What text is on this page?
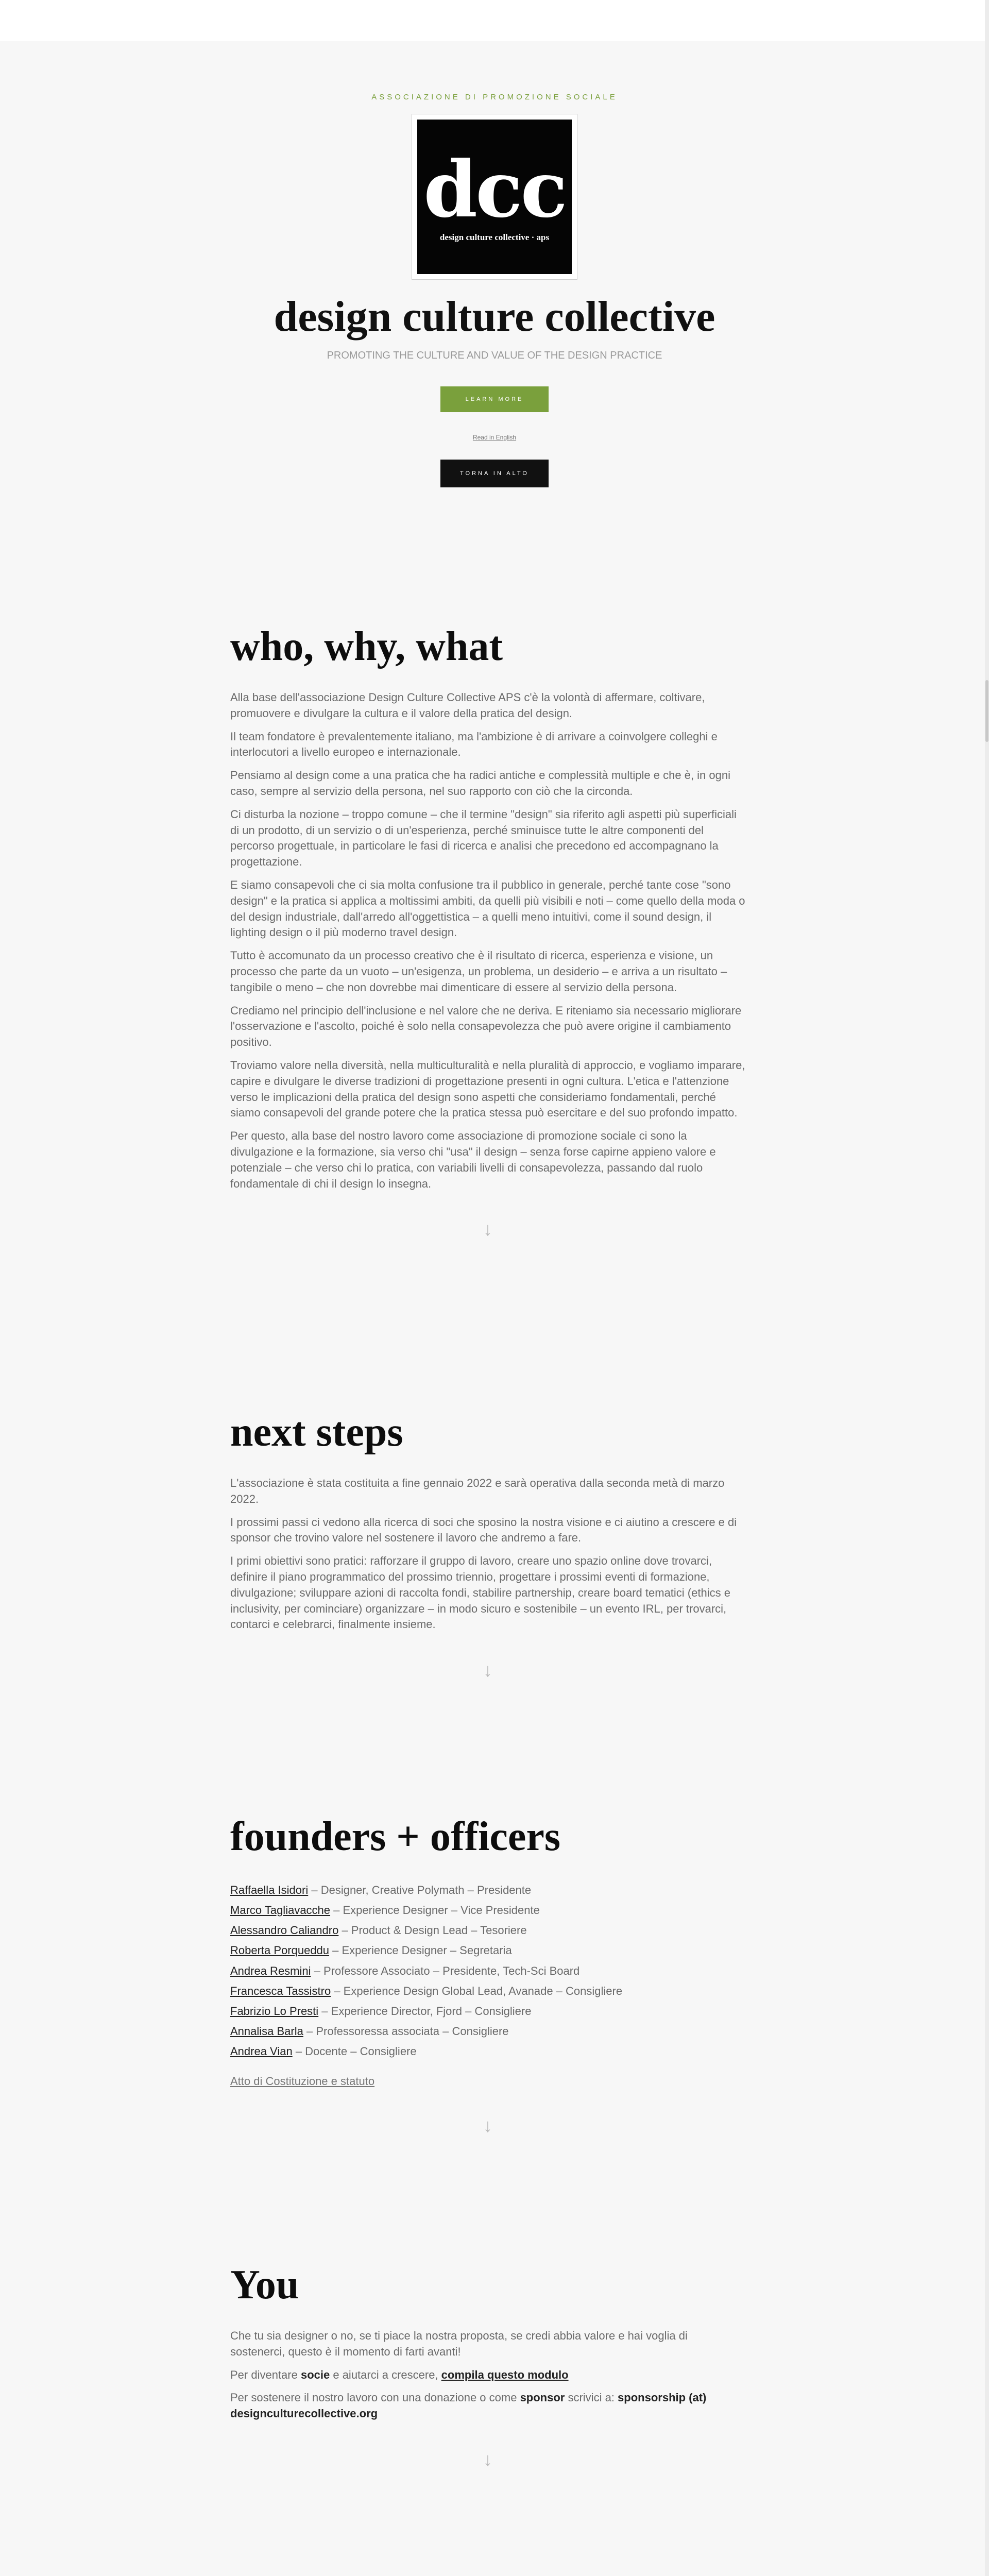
ASSOCIAZIONE DI PROMOZIONE SOCIALE
dcc
design culture collective · aps
design culture collective
PROMOTING THE CULTURE AND VALUE OF THE DESIGN PRACTICE
LEARN MORE
Read in English
TORNA IN ALTO
who, why, what

Alla base dell'associazione Design Culture Collective APS c'è la volontà di affermare, coltivare, promuovere e divulgare la cultura e il valore della pratica del design.

Il team fondatore è prevalentemente italiano, ma l'ambizione è di arrivare a coinvolgere colleghi e interlocutori a livello europeo e internazionale.

Pensiamo al design come a una pratica che ha radici antiche e complessità multiple e che è, in ogni caso, sempre al servizio della persona, nel suo rapporto con ciò che la circonda.

Ci disturba la nozione – troppo comune – che il termine "design" sia riferito agli aspetti più superficiali di un prodotto, di un servizio o di un'esperienza, perché sminuisce tutte le altre componenti del percorso progettuale, in particolare le fasi di ricerca e analisi che precedono ed accompagnano la progettazione.

E siamo consapevoli che ci sia molta confusione tra il pubblico in generale, perché tante cose "sono design" e la pratica si applica a moltissimi ambiti, da quelli più visibili e noti – come quello della moda o del design industriale, dall'arredo all'oggettistica – a quelli meno intuitivi, come il sound design, il lighting design o il più moderno travel design.

Tutto è accomunato da un processo creativo che è il risultato di ricerca, esperienza e visione, un processo che parte da un vuoto – un'esigenza, un problema, un desiderio – e arriva a un risultato – tangibile o meno – che non dovrebbe mai dimenticare di essere al servizio della persona.

Crediamo nel principio dell'inclusione e nel valore che ne deriva. E riteniamo sia necessario migliorare l'osservazione e l'ascolto, poiché è solo nella consapevolezza che può avere origine il cambiamento positivo.

Troviamo valore nella diversità, nella multiculturalità e nella pluralità di approccio, e vogliamo imparare, capire e divulgare le diverse tradizioni di progettazione presenti in ogni cultura. L'etica e l'attenzione verso le implicazioni della pratica del design sono aspetti che consideriamo fondamentali, perché siamo consapevoli del grande potere che la pratica stessa può esercitare e del suo profondo impatto.

Per questo, alla base del nostro lavoro come associazione di promozione sociale ci sono la divulgazione e la formazione, sia verso chi "usa" il design – senza forse capirne appieno valore e potenziale – che verso chi lo pratica, con variabili livelli di consapevolezza, passando dal ruolo fondamentale di chi il design lo insegna.

↓
next steps

L'associazione è stata costituita a fine gennaio 2022 e sarà operativa dalla seconda metà di marzo 2022.

I prossimi passi ci vedono alla ricerca di soci che sposino la nostra visione e ci aiutino a crescere e di sponsor che trovino valore nel sostenere il lavoro che andremo a fare.

I primi obiettivi sono pratici: rafforzare il gruppo di lavoro, creare uno spazio online dove trovarci, definire il piano programmatico del prossimo triennio, progettare i prossimi eventi di formazione, divulgazione; sviluppare azioni di raccolta fondi, stabilire partnership, creare board tematici (ethics e inclusivity, per cominciare) organizzare – in modo sicuro e sostenibile – un evento IRL, per trovarci, contarci e celebrarci, finalmente insieme.

↓
founders + officers
Raffaella Isidori – Designer, Creative Polymath – Presidente
Marco Tagliavacche – Experience Designer – Vice Presidente
Alessandro Caliandro – Product & Design Lead – Tesoriere
Roberta Porqueddu – Experience Designer – Segretaria
Andrea Resmini – Professore Associato – Presidente, Tech-Sci Board
Francesca Tassistro – Experience Design Global Lead, Avanade – Consigliere
Fabrizio Lo Presti – Experience Director, Fjord – Consigliere
Annalisa Barla – Professoressa associata – Consigliere
Andrea Vian – Docente – Consigliere
Atto di Costituzione e statuto
↓
You

Che tu sia designer o no, se ti piace la nostra proposta, se credi abbia valore e hai voglia di sostenerci, questo è il momento di farti avanti!

Per diventare socie e aiutarci a crescere, compila questo modulo

Per sostenere il nostro lavoro con una donazione o come sponsor scrivici a: sponsorship (at) designculturecollective.org

↓
